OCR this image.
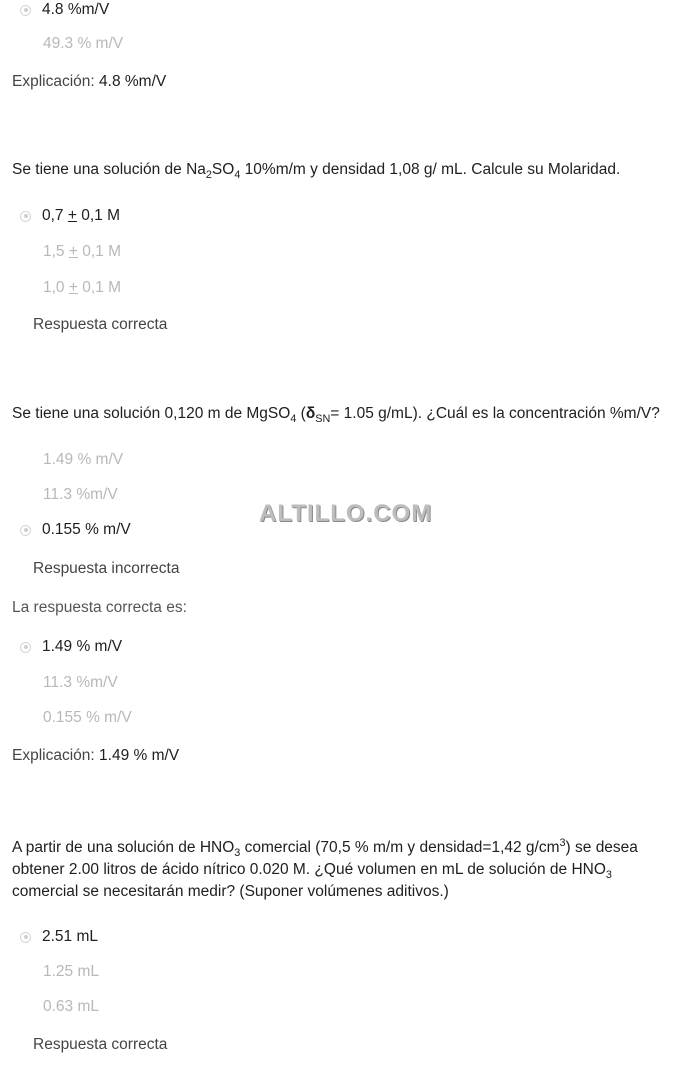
4.8 %m/V
49.3 % m/V
Explicación: 4.8 %m/V
Se tiene una solución de $Na_2SO_4$ 10%m/m y densidad 1,08 g/ mL. Calcule su Molaridad.
0,7 + 0,1 M
1,5 + 0,1 M
1,0 + 0,1 M
Respuesta correcta
Se tiene una solución 0,120 m de MgSO$_4$ ($\delta_{SN}= 1.05$ g/mL). ¿Cuál es la concentración %m/V?
1.49 % m/V
11.3 %m/V
0.155 % m/V
Respuesta incorrecta
La respuesta correcta es:
1.49 % m/V
11.3 %m/V
0.155 % m/V
Explicación: 1.49 % m/V
A partir de una solución de $HNO_3$ comercial (70,5 % m/m y densidad=1,42 $g/cm^3$) se desea
obtener 2.00 litros de ácido nítrico 0.020 M. ¿Qué volumen en mL de solución de $HNO_3$
comercial se necesitarán medir? (Suponer volúmenes aditivos.)
2.51 mL
1.25 mL
0.63 mL
Respuesta correcta
ALTILLO.COM
